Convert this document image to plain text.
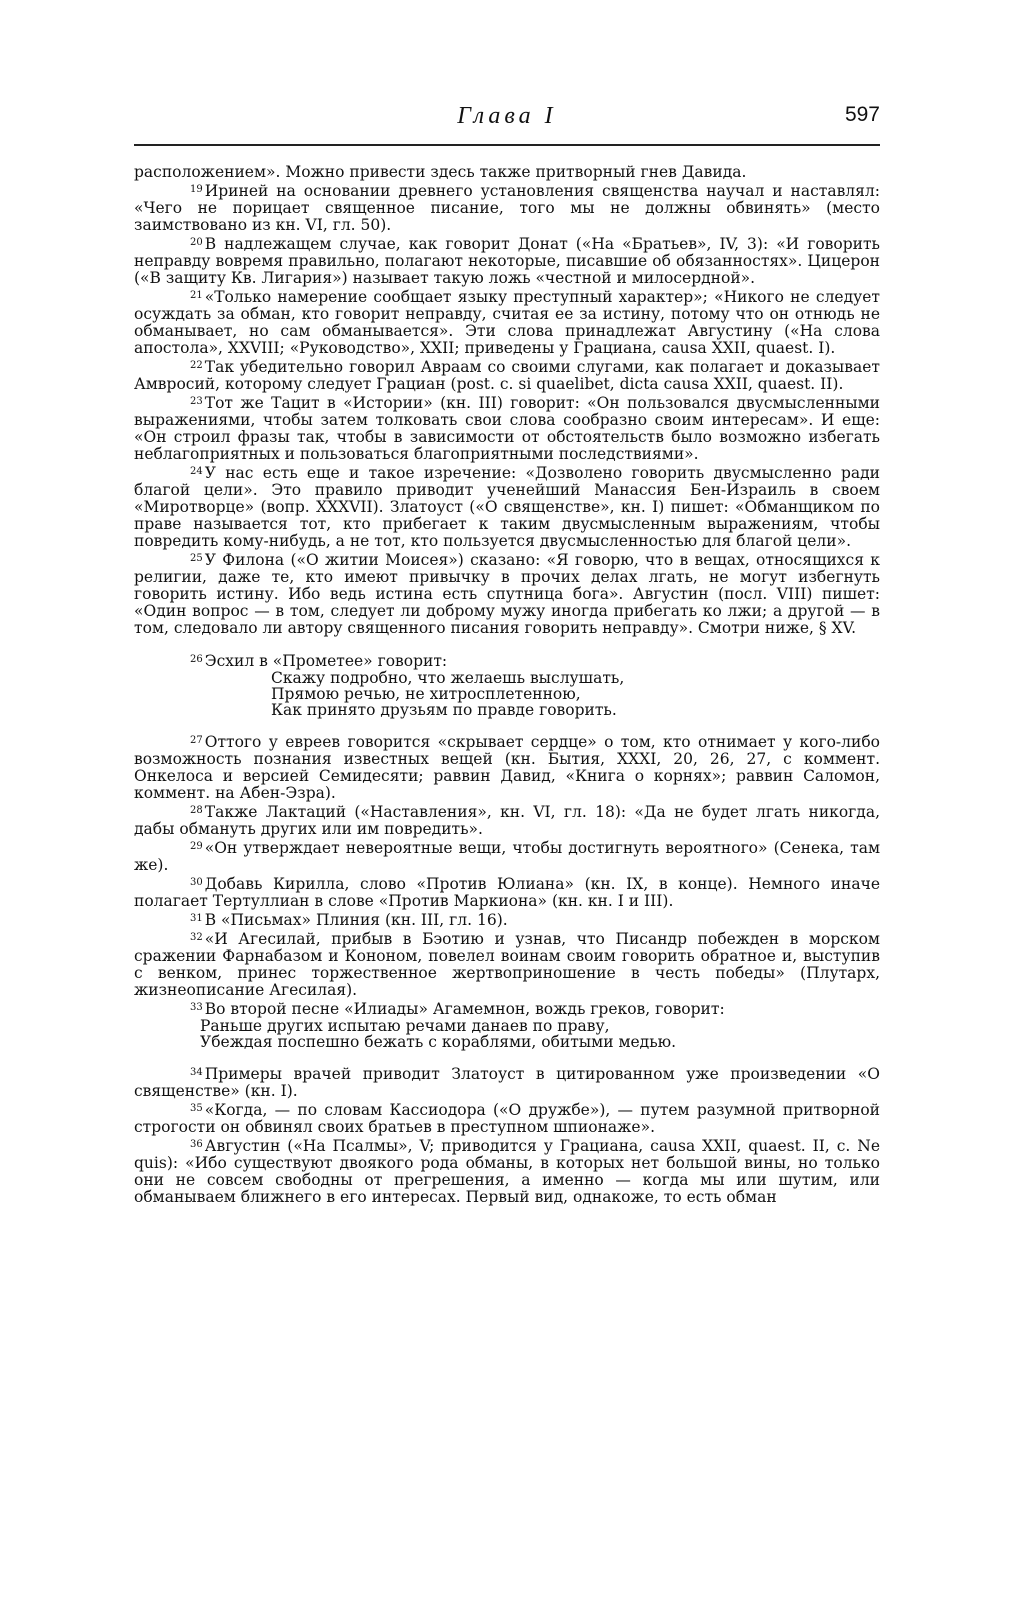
Глава I	597

расположением». Можно привести здесь также притворный гнев Давида.

$^{19}$ Ириней на основании древнего установления священства научал и наставлял: «Чего не порицает священное писание, того мы не должны обвинять» (место заимствовано из кн. VI, гл. 50).

$^{20}$ В надлежащем случае, как говорит Донат («На «Братьев», IV, 3): «И говорить неправду вовремя правильно, полагают некоторые, писавшие об обязанностях». Цицерон («В защиту Кв. Лигария») называет такую ложь «честной и милосердной».

$^{21}$ «Только намерение сообщает языку преступный характер»; «Никого не следует осуждать за обман, кто говорит неправду, считая ее за истину, потому что он отнюдь не обманывает, но сам обманывается». Эти слова принадлежат Августину («На слова апостола», XXVIII; «Руководство», XXII; приведены у Грациана, causa XXII, quaest. I).

$^{22}$ Так убедительно говорил Авраам со своими слугами, как полагает и доказывает Амвросий, которому следует Грациан (post. c. si quaelibet, dicta causa XXII, quaest. II).

$^{23}$ Тот же Тацит в «Истории» (кн. III) говорит: «Он пользовался двусмысленными выражениями, чтобы затем толковать свои слова сообразно своим интересам». И еще: «Он строил фразы так, чтобы в зависимости от обстоятельств было возможно избегать неблагоприятных и пользоваться благоприятными последствиями».

$^{24}$ У нас есть еще и такое изречение: «Дозволено говорить двусмысленно ради благой цели». Это правило приводит ученейший Манассия Бен-Израиль в своем «Миротворце» (вопр. XXXVII). Златоуст («О священстве», кн. I) пишет: «Обманщиком по праве называется тот, кто прибегает к таким двусмысленным выражениям, чтобы повредить кому-нибудь, а не тот, кто пользуется двусмысленностью для благой цели».

$^{25}$ У Филона («О житии Моисея») сказано: «Я говорю, что в вещах, относящихся к религии, даже те, кто имеют привычку в прочих делах лгать, не могут избегнуть говорить истину. Ибо ведь истина есть спутница бога». Августин (посл. VIII) пишет: «Один вопрос — в том, следует ли доброму мужу иногда прибегать ко лжи; а другой — в том, следовало ли автору священного писания говорить неправду». Смотри ниже, § XV.

$^{26}$ Эсхил в «Прометее» говорит:

Скажу подробно, что желаешь выслушать,
Прямою речью, не хитросплетенною,
Как принято друзьям по правде говорить.

$^{27}$ Оттого у евреев говорится «скрывает сердце» о том, кто отнимает у кого-либо возможность познания известных вещей (кн. Бытия, XXXI, 20, 26, 27, с коммент. Онкелоса и версией Семидесяти; раввин Давид, «Книга о корнях»; раввин Саломон, коммент. на Абен-Эзра).

$^{28}$ Также Лактаций («Наставления», кн. VI, гл. 18): «Да не будет лгать никогда, дабы обмануть других или им повредить».

$^{29}$ «Он утверждает невероятные вещи, чтобы достигнуть вероятного» (Сенека, там же).

$^{30}$ Добавь Кирилла, слово «Против Юлиана» (кн. IX, в конце). Немного иначе полагает Тертуллиан в слове «Против Маркиона» (кн. кн. I и III).

$^{31}$ В «Письмах» Плиния (кн. III, гл. 16).

$^{32}$ «И Агесилай, прибыв в Бэотию и узнав, что Писандр побежден в морском сражении Фарнабазом и Кононом, повелел воинам своим говорить обратное и, выступив с венком, принес торжественное жертвоприношение в честь победы» (Плутарх, жизнеописание Агесилая).

$^{33}$ Во второй песне «Илиады» Агамемнон, вождь греков, говорит:

Раньше других испытаю речами данаев по праву,
Убеждая поспешно бежать с кораблями, обитыми медью.

$^{34}$ Примеры врачей приводит Златоуст в цитированном уже произведении «О священстве» (кн. I).

$^{35}$ «Когда, — по словам Кассиодора («О дружбе»), — путем разумной притворной строгости он обвинял своих братьев в преступном шпионаже».

$^{36}$ Августин («На Псалмы», V; приводится у Грациана, causa XXII, quaest. II, c. Ne quis): «Ибо существуют двоякого рода обманы, в которых нет большой вины, но только они не совсем свободны от прегрешения, а именно — когда мы или шутим, или обманываем ближнего в его интересах. Первый вид, однакоже, то есть обман
